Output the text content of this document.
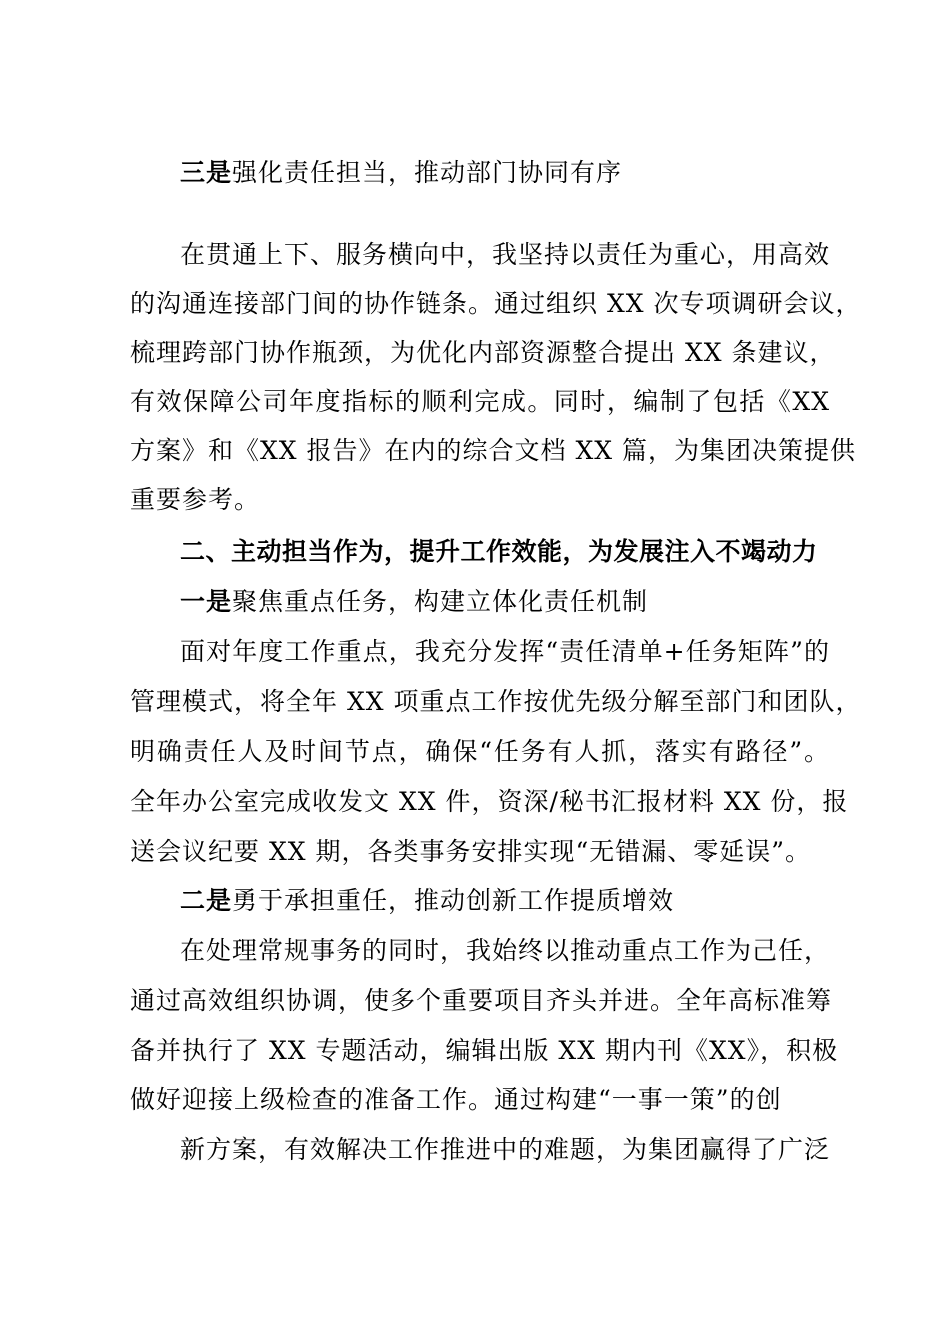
三是强化责任担当，推动部门协同有序
在贯通上下、服务横向中，我坚持以责任为重心，用高效
的沟通连接部门间的协作链条。通过组织 XX 次专项调研会议，
梳理跨部门协作瓶颈，为优化内部资源整合提出 XX 条建议，
有效保障公司年度指标的顺利完成。同时，编制了包括《XX
方案》和《XX 报告》在内的综合文档 XX 篇，为集团决策提供
重要参考。
二、主动担当作为，提升工作效能，为发展注入不竭动力
一是聚焦重点任务，构建立体化责任机制
面对年度工作重点，我充分发挥“责任清单+任务矩阵”的
管理模式，将全年 XX 项重点工作按优先级分解至部门和团队，
明确责任人及时间节点，确保“任务有人抓，落实有路径”。
全年办公室完成收发文 XX 件，资深/秘书汇报材料 XX 份，报
送会议纪要 XX 期，各类事务安排实现“无错漏、零延误”。
二是勇于承担重任，推动创新工作提质增效
在处理常规事务的同时，我始终以推动重点工作为己任，
通过高效组织协调，使多个重要项目齐头并进。全年高标准筹
备并执行了 XX 专题活动，编辑出版 XX 期内刊《XX》，积极
做好迎接上级检查的准备工作。通过构建“一事一策”的创
新方案，有效解决工作推进中的难题，为集团赢得了广泛
